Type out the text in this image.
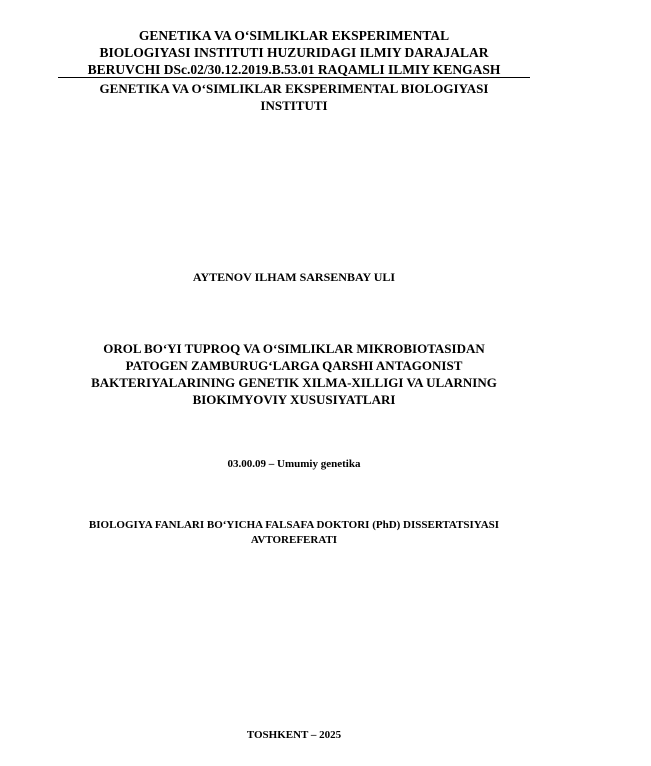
GENETIKA VA O‘SIMLIKLAR EKSPERIMENTAL
BIOLOGIYASI INSTITUTI HUZURIDAGI ILMIY DARAJALAR
BERUVCHI DSc.02/30.12.2019.B.53.01 RAQAMLI ILMIY KENGASH
GENETIKA VA O‘SIMLIKLAR EKSPERIMENTAL BIOLOGIYASI
INSTITUTI
AYTENOV ILHAM SARSENBAY ULI
OROL BO‘YI TUPROQ VA O‘SIMLIKLAR MIKROBIOTASIDAN
PATOGEN ZAMBURUG‘LARGA QARSHI ANTAGONIST
BAKTERIYALARINING GENETIK XILMA-XILLIGI VA ULARNING
BIOKIMYOVIY XUSUSIYATLARI
03.00.09 – Umumiy genetika
BIOLOGIYA FANLARI BO‘YICHA FALSAFA DOKTORI (PhD) DISSERTATSIYASI
AVTOREFERATI
TOSHKENT – 2025
